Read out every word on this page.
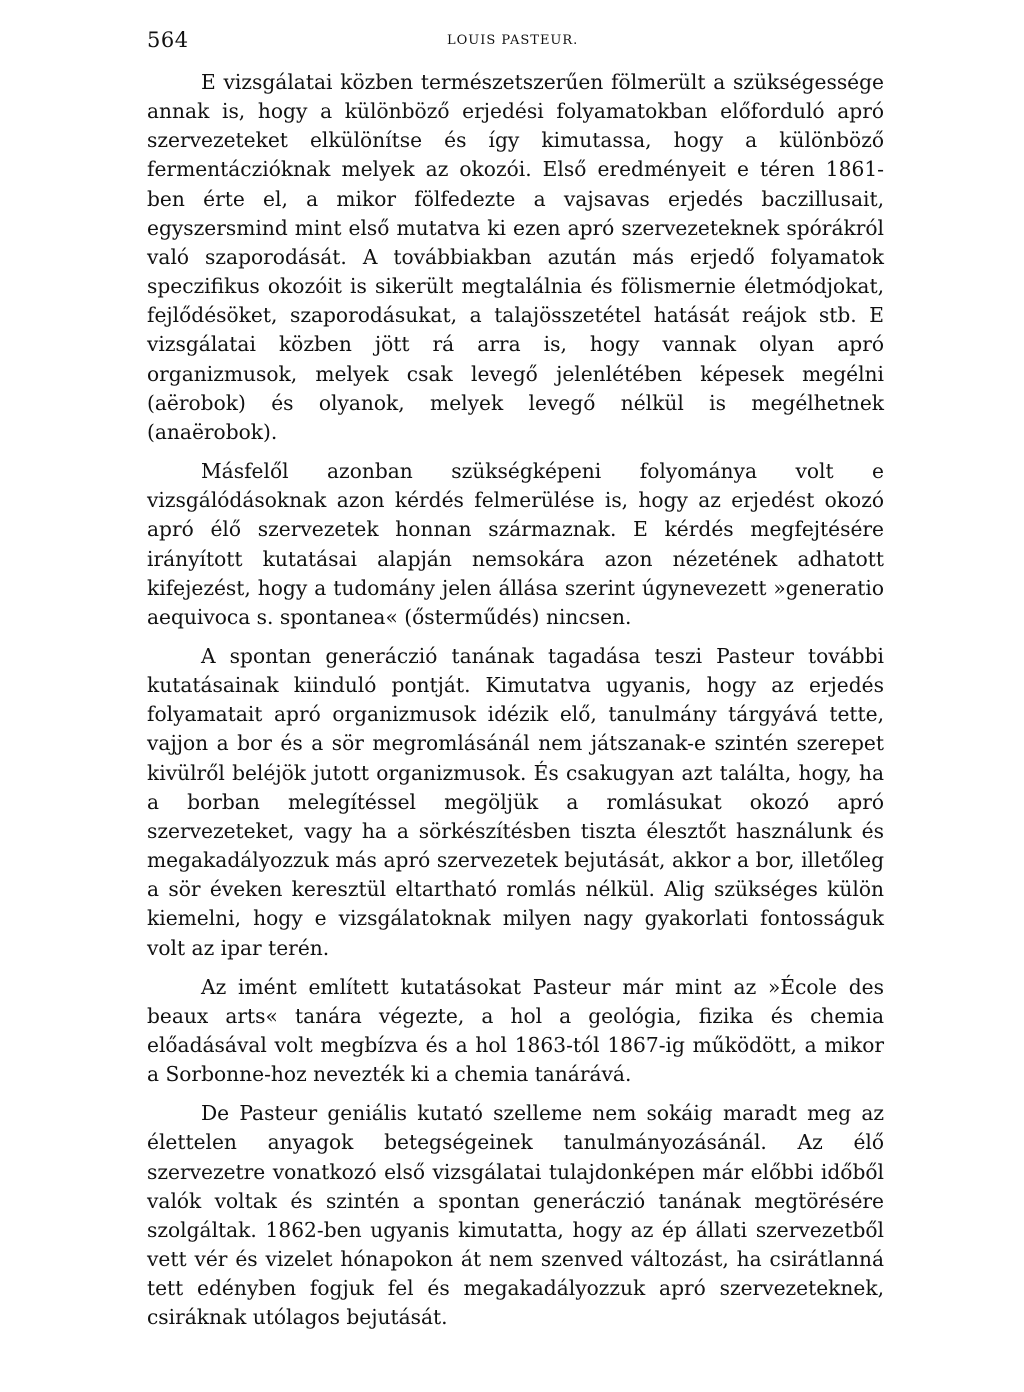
564	LOUIS PASTEUR.

E vizsgálatai közben természetszerűen fölmerült a szükségessége annak is, hogy a különböző erjedési folyamatokban előforduló apró szervezeteket elkülönítse és így kimutassa, hogy a különböző fermentáczióknak melyek az okozói. Első eredményeit e téren 1861-ben érte el, a mikor fölfedezte a vajsavas erjedés baczillusait, egyszersmind mint első mutatva ki ezen apró szervezeteknek spórákról való szaporodását. A továbbiakban azután más erjedő folyamatok speczifikus okozóit is sikerült megtalálnia és fölismernie életmódjokat, fejlődésöket, szaporodásukat, a talajösszetétel hatását reájok stb. E vizsgálatai közben jött rá arra is, hogy vannak olyan apró organizmusok, melyek csak levegő jelenlétében képesek megélni (aërobok) és olyanok, melyek levegő nélkül is megélhetnek (anaërobok).

Másfelől azonban szükségképeni folyománya volt e vizsgálódásoknak azon kérdés felmerülése is, hogy az erjedést okozó apró élő szervezetek honnan származnak. E kérdés megfejtésére irányított kutatásai alapján nemsokára azon nézetének adhatott kifejezést, hogy a tudomány jelen állása szerint úgynevezett »generatio aequivoca s. spontanea« (ősterműdés) nincsen.

A spontan generáczió tanának tagadása teszi Pasteur további kutatásainak kiinduló pontját. Kimutatva ugyanis, hogy az erjedés folyamatait apró organizmusok idézik elő, tanulmány tárgyává tette, vajjon a bor és a sör megromlásánál nem játszanak-e szintén szerepet kivülről beléjök jutott organizmusok. És csakugyan azt találta, hogy, ha a borban melegítéssel megöljük a romlásukat okozó apró szervezeteket, vagy ha a sörkészítésben tiszta élesztőt használunk és megakadályozzuk más apró szervezetek bejutását, akkor a bor, illetőleg a sör éveken keresztül eltartható romlás nélkül. Alig szükséges külön kiemelni, hogy e vizsgálatoknak milyen nagy gyakorlati fontosságuk volt az ipar terén.

Az imént említett kutatásokat Pasteur már mint az »École des beaux arts« tanára végezte, a hol a geológia, fizika és chemia előadásával volt megbízva és a hol 1863-tól 1867-ig működött, a mikor a Sorbonne-hoz nevezték ki a chemia tanárává.

De Pasteur geniális kutató szelleme nem sokáig maradt meg az élettelen anyagok betegségeinek tanulmányozásánál. Az élő szervezetre vonatkozó első vizsgálatai tulajdonképen már előbbi időből valók voltak és szintén a spontan generáczió tanának megtörésére szolgáltak. 1862-ben ugyanis kimutatta, hogy az ép állati szervezetből vett vér és vizelet hónapokon át nem szenved változást, ha csirátlanná tett edényben fogjuk fel és megakadályozzuk apró szervezeteknek, csiráknak utólagos bejutását.
